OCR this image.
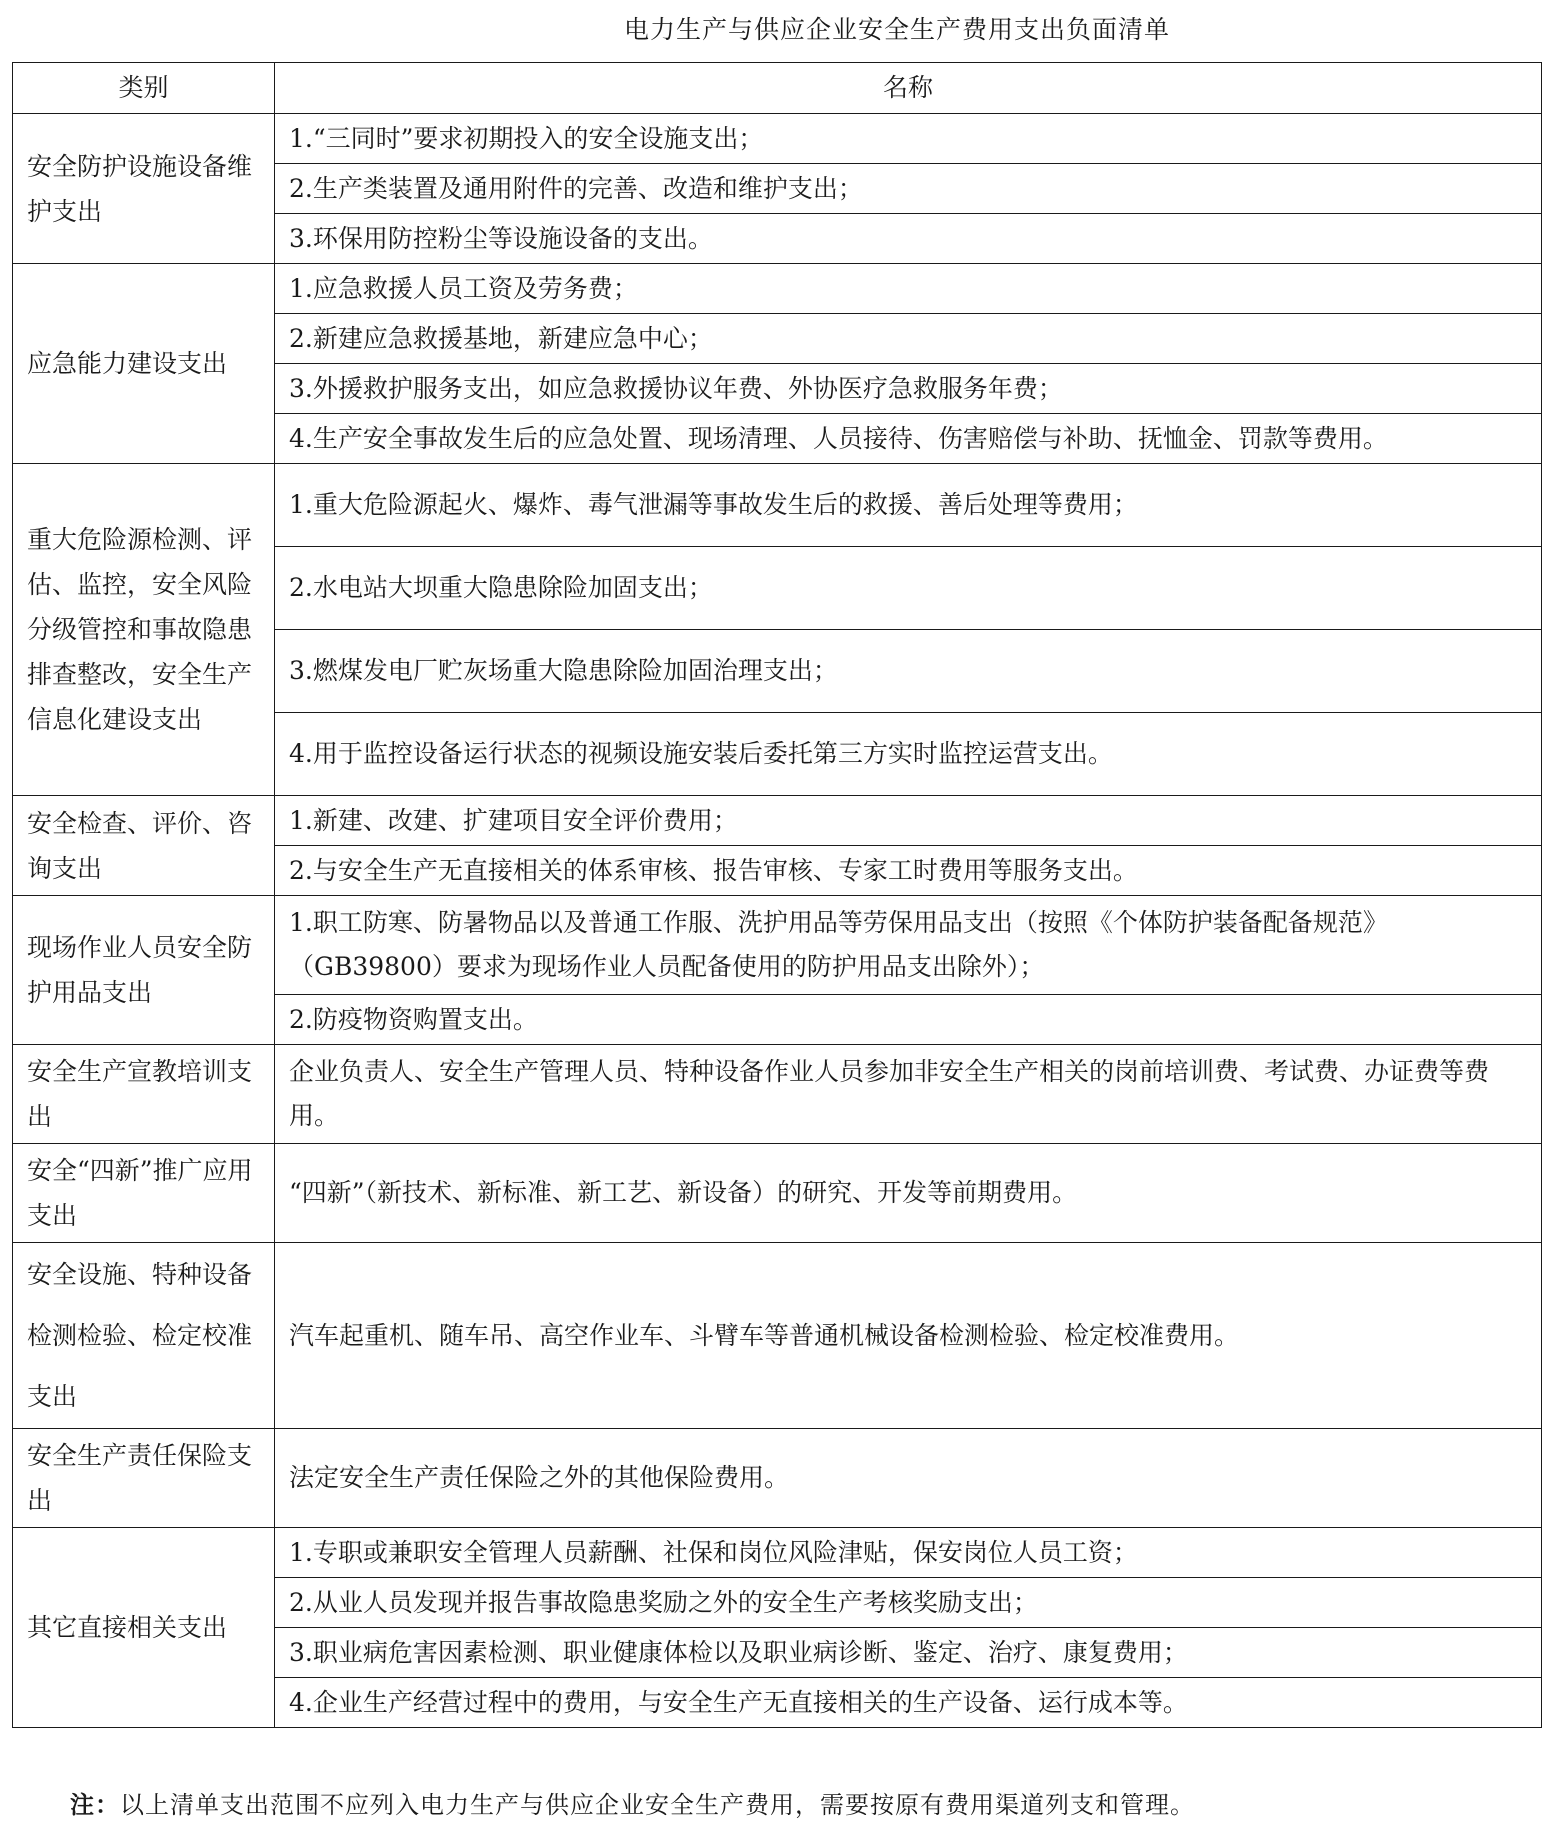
电力生产与供应企业安全生产费用支出负面清单
类别	名称
安全防护设施设备维护支出	1.“三同时”要求初期投入的安全设施支出；
	2.生产类装置及通用附件的完善、改造和维护支出；
	3.环保用防控粉尘等设施设备的支出。
应急能力建设支出	1.应急救援人员工资及劳务费；
	2.新建应急救援基地，新建应急中心；
	3.外援救护服务支出，如应急救援协议年费、外协医疗急救服务年费；
	4.生产安全事故发生后的应急处置、现场清理、人员接待、伤害赔偿与补助、抚恤金、罚款等费用。
重大危险源检测、评估、监控，安全风险分级管控和事故隐患排查整改，安全生产信息化建设支出	1.重大危险源起火、爆炸、毒气泄漏等事故发生后的救援、善后处理等费用；
	2.水电站大坝重大隐患除险加固支出；
	3.燃煤发电厂贮灰场重大隐患除险加固治理支出；
	4.用于监控设备运行状态的视频设施安装后委托第三方实时监控运营支出。
安全检查、评价、咨询支出	1.新建、改建、扩建项目安全评价费用；
	2.与安全生产无直接相关的体系审核、报告审核、专家工时费用等服务支出。
现场作业人员安全防护用品支出	1.职工防寒、防暑物品以及普通工作服、洗护用品等劳保用品支出（按照《个体防护装备配备规范》（GB39800）要求为现场作业人员配备使用的防护用品支出除外）；
	2.防疫物资购置支出。
安全生产宣教培训支出	企业负责人、安全生产管理人员、特种设备作业人员参加非安全生产相关的岗前培训费、考试费、办证费等费用。
安全“四新”推广应用支出	“四新”（新技术、新标准、新工艺、新设备）的研究、开发等前期费用。
安全设施、特种设备检测检验、检定校准支出	汽车起重机、随车吊、高空作业车、斗臂车等普通机械设备检测检验、检定校准费用。
安全生产责任保险支出	法定安全生产责任保险之外的其他保险费用。
其它直接相关支出	1.专职或兼职安全管理人员薪酬、社保和岗位风险津贴，保安岗位人员工资；
	2.从业人员发现并报告事故隐患奖励之外的安全生产考核奖励支出；
	3.职业病危害因素检测、职业健康体检以及职业病诊断、鉴定、治疗、康复费用；
	4.企业生产经营过程中的费用，与安全生产无直接相关的生产设备、运行成本等。
注：以上清单支出范围不应列入电力生产与供应企业安全生产费用，需要按原有费用渠道列支和管理。
